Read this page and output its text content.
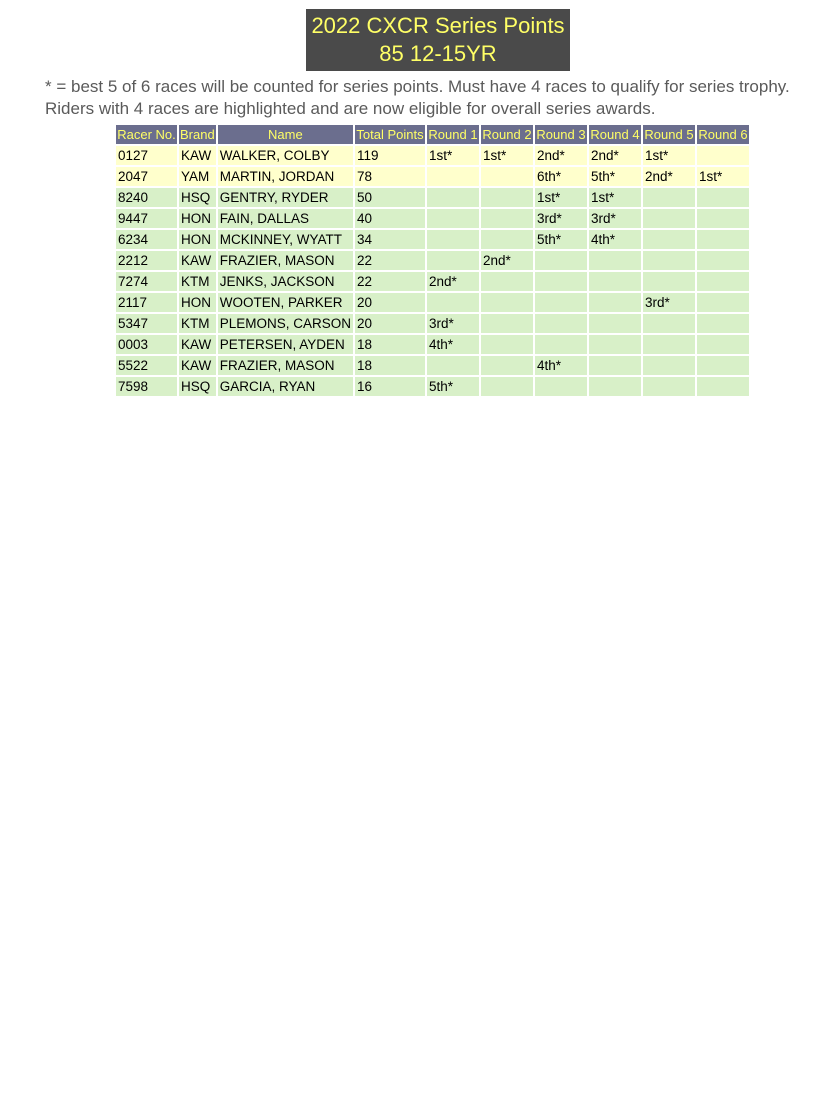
2022 CXCR Series Points
85 12-15YR
* = best 5 of 6 races will be counted for series points. Must have 4 races to qualify for series trophy.
Riders with 4 races are highlighted and are now eligible for overall series awards.
Racer No.	Brand	Name	Total Points	Round 1	Round 2	Round 3	Round 4	Round 5	Round 6
0127	KAW	WALKER, COLBY	119	1st*	1st*	2nd*	2nd*	1st*	
2047	YAM	MARTIN, JORDAN	78			6th*	5th*	2nd*	1st*
8240	HSQ	GENTRY, RYDER	50			1st*	1st*		
9447	HON	FAIN, DALLAS	40			3rd*	3rd*		
6234	HON	MCKINNEY, WYATT	34			5th*	4th*		
2212	KAW	FRAZIER, MASON	22		2nd*				
7274	KTM	JENKS, JACKSON	22	2nd*					
2117	HON	WOOTEN, PARKER	20					3rd*	
5347	KTM	PLEMONS, CARSON	20	3rd*					
0003	KAW	PETERSEN, AYDEN	18	4th*					
5522	KAW	FRAZIER, MASON	18			4th*			
7598	HSQ	GARCIA, RYAN	16	5th*					
